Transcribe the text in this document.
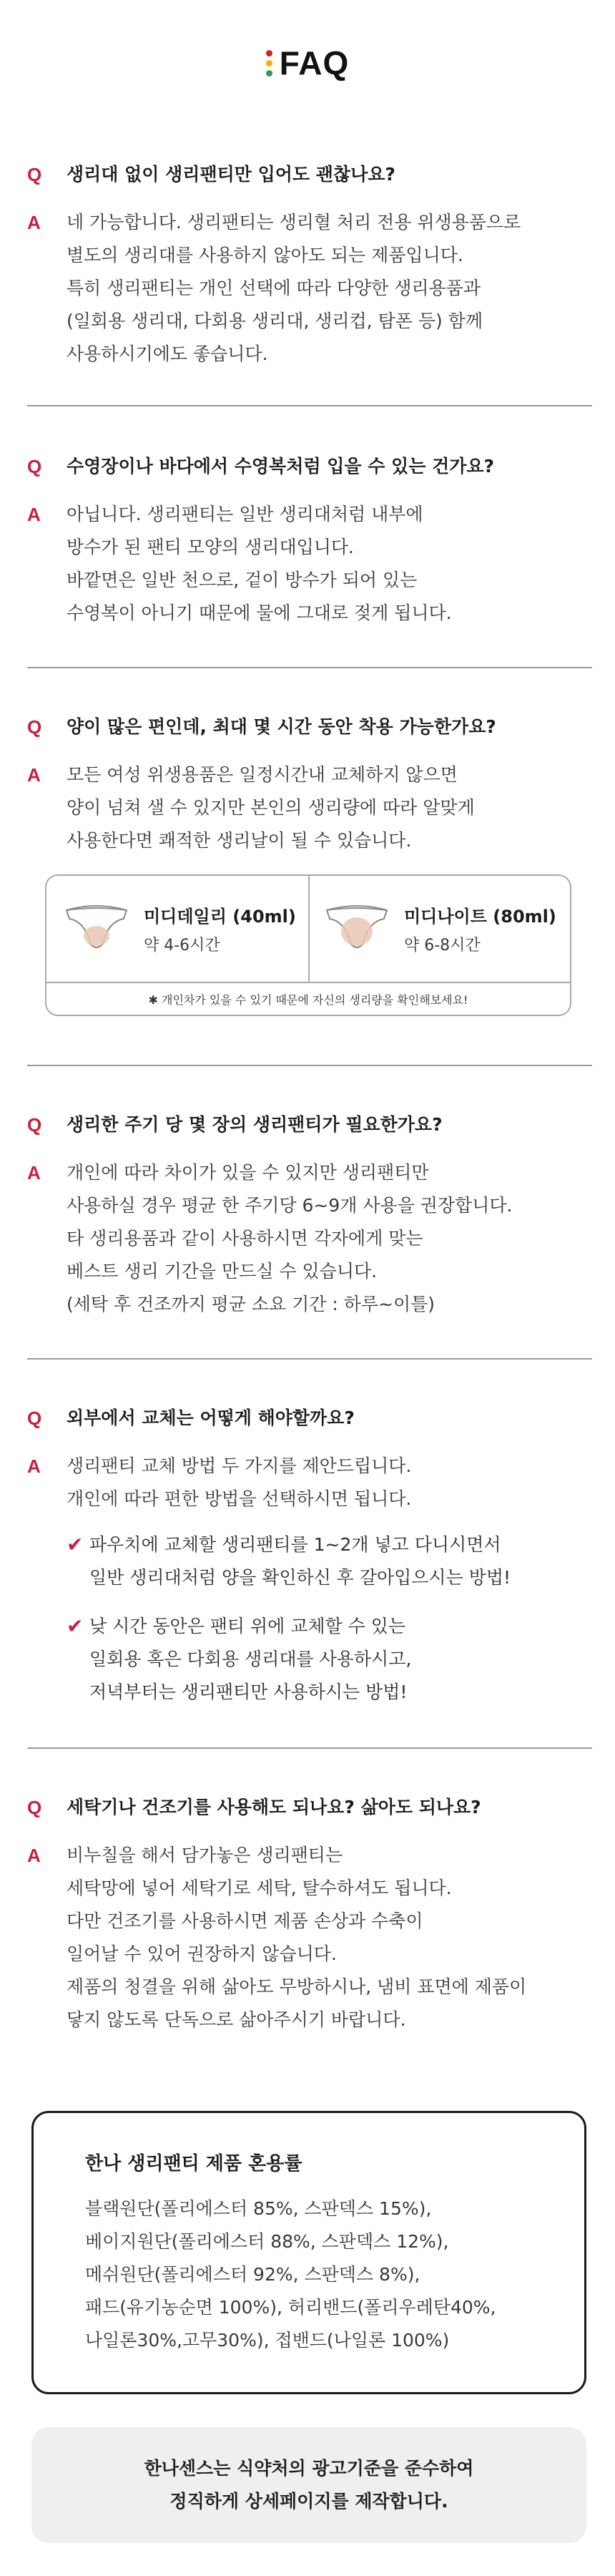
FAQ
Q	생리대 없이 생리팬티만 입어도 괜찮나요?
A	네 가능합니다. 생리팬티는 생리혈 처리 전용 위생용품으로
별도의 생리대를 사용하지 않아도 되는 제품입니다.
특히 생리팬티는 개인 선택에 따라 다양한 생리용품과
(일회용 생리대, 다회용 생리대, 생리컵, 탐폰 등) 함께
사용하시기에도 좋습니다.
Q	수영장이나 바다에서 수영복처럼 입을 수 있는 건가요?
A	아닙니다. 생리팬티는 일반 생리대처럼 내부에
방수가 된 팬티 모양의 생리대입니다.
바깥면은 일반 천으로, 겉이 방수가 되어 있는
수영복이 아니기 때문에 물에 그대로 젖게 됩니다.
Q	양이 많은 편인데, 최대 몇 시간 동안 착용 가능한가요?
A	모든 여성 위생용품은 일정시간내 교체하지 않으면
양이 넘쳐 샐 수 있지만 본인의 생리량에 따라 알맞게
사용한다면 쾌적한 생리날이 될 수 있습니다.
미디데일리 (40ml)
약 4-6시간
미디나이트 (80ml)
약 6-8시간
✱ 개인차가 있을 수 있기 때문에 자신의 생리량을 확인해보세요!
Q	생리한 주기 당 몇 장의 생리팬티가 필요한가요?
A	개인에 따라 차이가 있을 수 있지만 생리팬티만
사용하실 경우 평균 한 주기당 6~9개 사용을 권장합니다.
타 생리용품과 같이 사용하시면 각자에게 맞는
베스트 생리 기간을 만드실 수 있습니다.
(세탁 후 건조까지 평균 소요 기간 : 하루~이틀)
Q	외부에서 교체는 어떻게 해야할까요?
A	생리팬티 교체 방법 두 가지를 제안드립니다.
개인에 따라 편한 방법을 선택하시면 됩니다.
✔ 파우치에 교체할 생리팬티를 1~2개 넣고 다니시면서
일반 생리대처럼 양을 확인하신 후 갈아입으시는 방법!
✔ 낮 시간 동안은 팬티 위에 교체할 수 있는
일회용 혹은 다회용 생리대를 사용하시고,
저녁부터는 생리팬티만 사용하시는 방법!
Q	세탁기나 건조기를 사용해도 되나요? 삶아도 되나요?
A	비누칠을 해서 담가놓은 생리팬티는
세탁망에 넣어 세탁기로 세탁, 탈수하셔도 됩니다.
다만 건조기를 사용하시면 제품 손상과 수축이
일어날 수 있어 권장하지 않습니다.
제품의 청결을 위해 삶아도 무방하시나, 냄비 표면에 제품이
닿지 않도록 단독으로 삶아주시기 바랍니다.
한나 생리팬티 제품 혼용률
블랙원단(폴리에스터 85%, 스판덱스 15%),
베이지원단(폴리에스터 88%, 스판덱스 12%),
메쉬원단(폴리에스터 92%, 스판덱스 8%),
패드(유기농순면 100%), 허리밴드(폴리우레탄40%,
나일론30%,고무30%), 접밴드(나일론 100%)
한나센스는 식약처의 광고기준을 준수하여
정직하게 상세페이지를 제작합니다.
